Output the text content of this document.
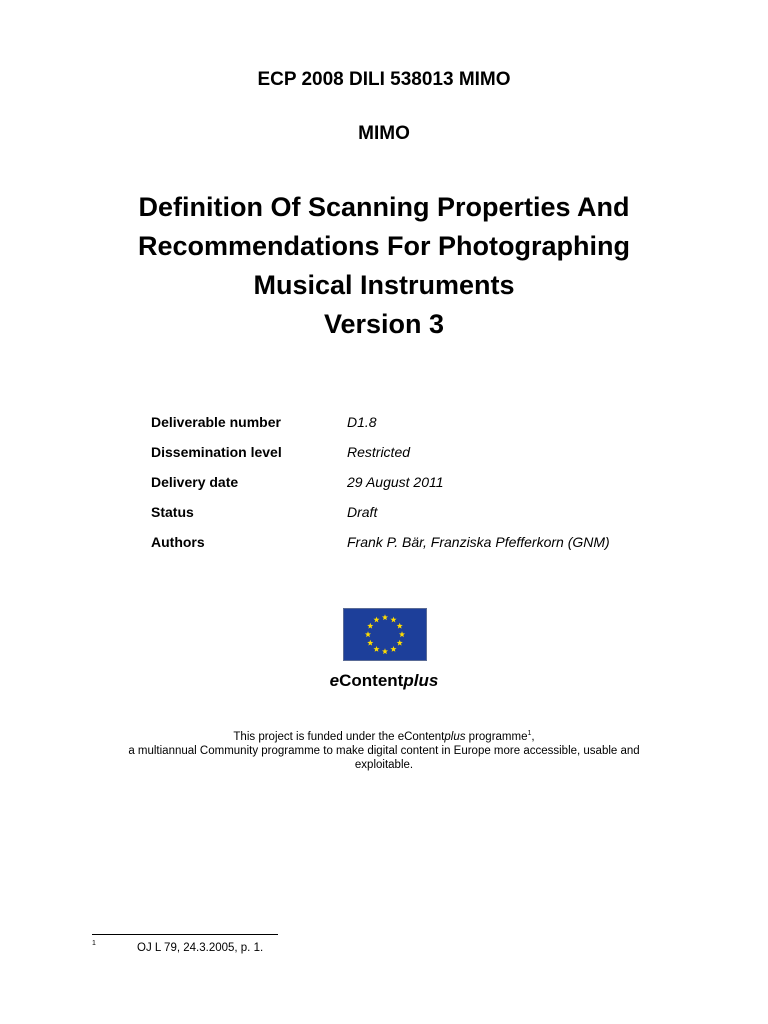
ECP 2008 DILI 538013 MIMO
MIMO
Definition Of Scanning Properties And
Recommendations For Photographing
Musical Instruments
Version 3
Deliverable number	D1.8
Dissemination level	Restricted
Delivery date	29 August 2011
Status	Draft
Authors	Frank P. Bär, Franziska Pfefferkorn (GNM)
eContentplus
This project is funded under the eContentplus programme$^1$,
a multiannual Community programme to make digital content in Europe more accessible, usable and
exploitable.
1	OJ L 79, 24.3.2005, p. 1.
